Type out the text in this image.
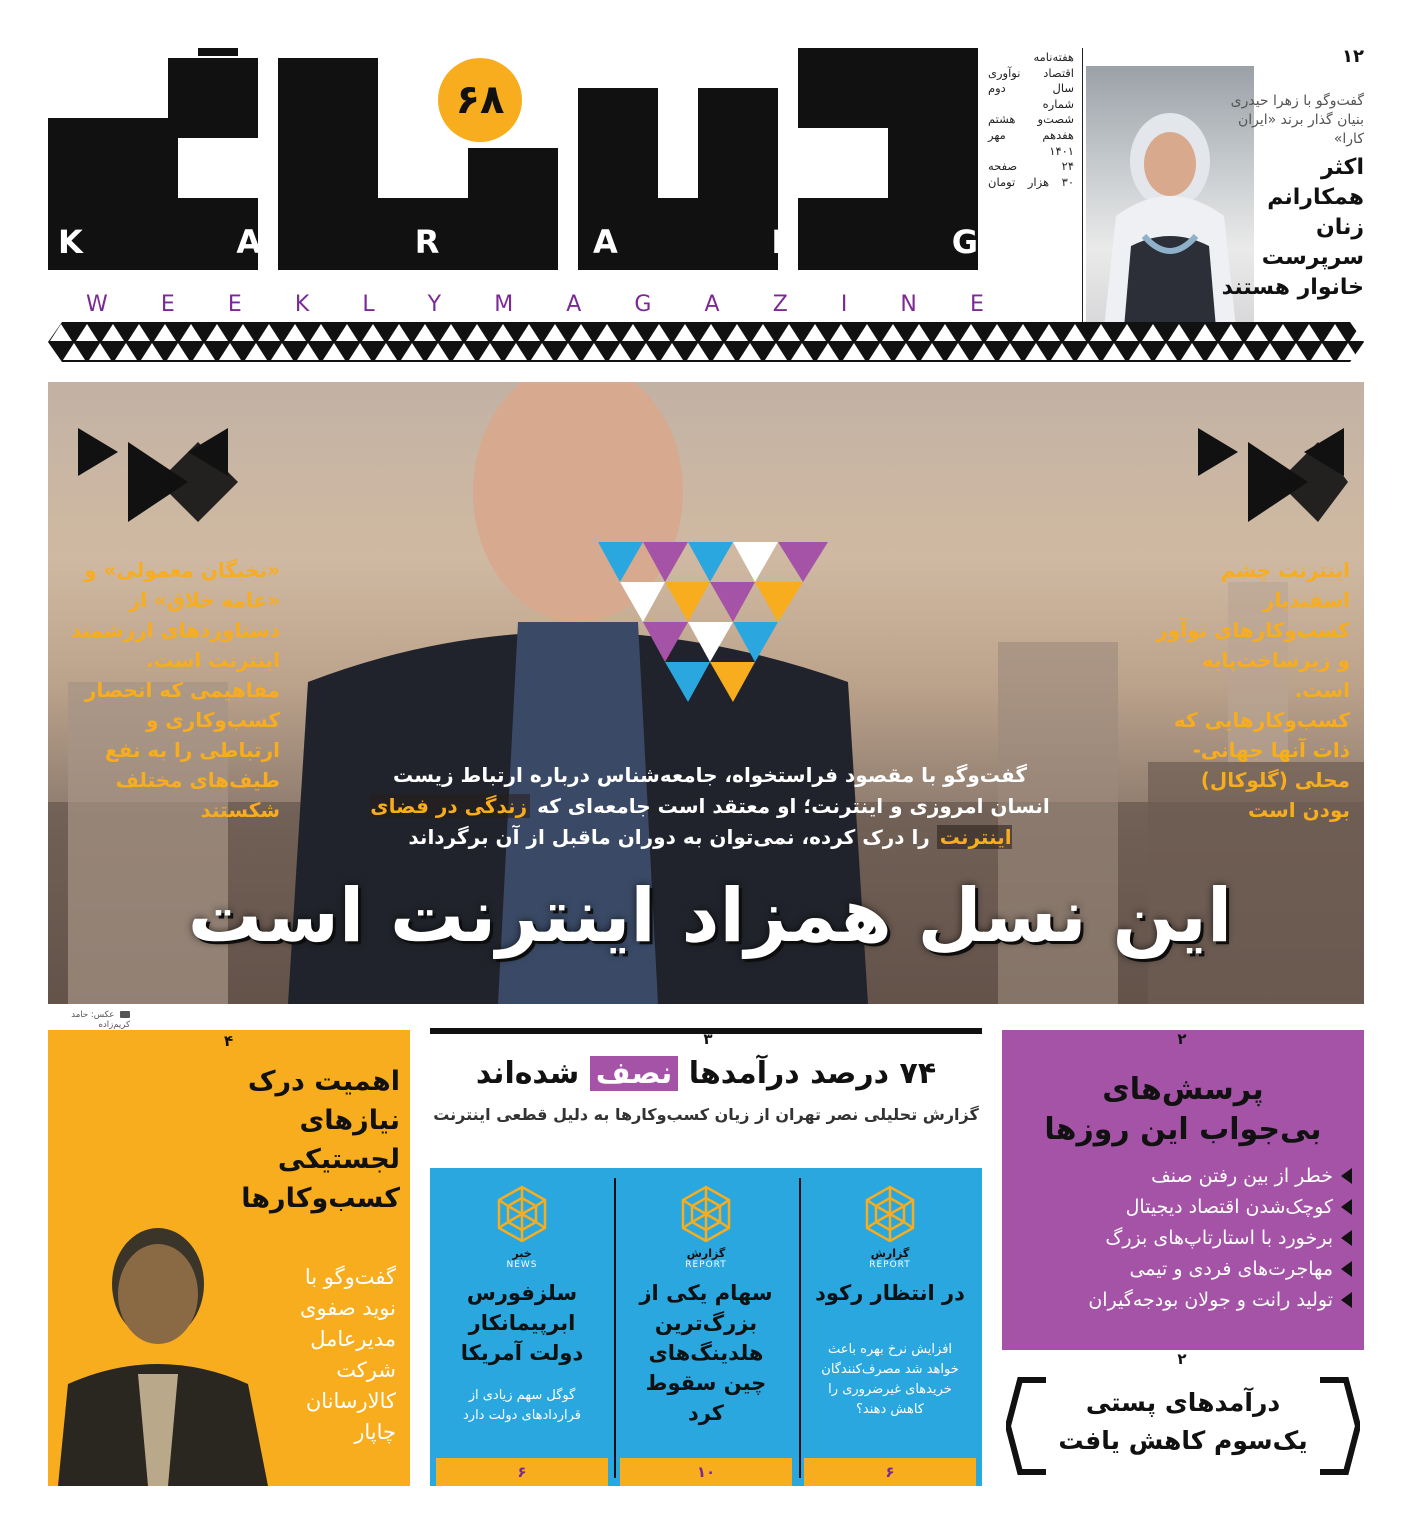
۶۸
K	A	R	A	N	G
W E E K L Y M A G A Z I N E
هفته‌نامه
اقتصاد نوآوری
سال دوم
شماره
شصت‌و هشتم
هفدهم مهر
۱۴۰۱
۲۴ صفحه
۳۰ هزار تومان
۱۲
گفت‌وگو با زهرا حیدری
بنیان گذار برند «ایران کارا»
اکثر همکارانم
زنان سرپرست
خانوار هستند
«نخبگان معمولی» و «عامه خلاق» از دستاوردهای ارزشمند اینترنت است. مفاهیمی که انحصار کسب‌وکاری و ارتباطی را به نفع طیف‌های مختلف شکستند
اینترنت چشم اسفندیار کسب‌وکارهای نوآور و زیرساخت‌پایه است. کسب‌وکارهایی که ذات آنها جهانی-محلی (گلوکال) بودن است
گفت‌وگو با مقصود فراستخواه، جامعه‌شناس درباره ارتباط زیست انسان امروزی و اینترنت؛ او معتقد است جامعه‌ای که زندگی در فضای اینترنت را درک کرده، نمی‌توان به دوران ماقبل از آن برگرداند
این نسل همزاد اینترنت است
عکس: حامد کریم‌زاده
۴
اهمیت درک
نیازهای
لجستیکی
کسب‌وکارها
گفت‌وگو با
نوید صفوی
مدیرعامل
شرکت
کالارسانان
چاپار
۳
۷۴ درصد درآمدها نصف شده‌اند
گزارش تحلیلی نصر تهران از زیان کسب‌وکارها به دلیل قطعی اینترنت
گزارش
REPORT
در انتظار رکود
افزایش نرخ بهره باعث خواهد شد مصرف‌کنندگان خریدهای غیرضروری را کاهش دهند؟
۶
گزارش
REPORT
سهام یکی از بزرگ‌ترین هلدینگ‌های چین سقوط کرد
۱۰
خبر
NEWS
سلزفورس ابرپیمانکار دولت آمریکا
گوگل سهم زیادی از قراردادهای دولت دارد
۶
۲
پرسش‌های
بی‌جواب این روزها
خطر از بین رفتن صنف
کوچک‌شدن اقتصاد دیجیتال
برخورد با استارتاپ‌های بزرگ
مهاجرت‌های فردی و تیمی
تولید رانت و جولان بودجه‌گیران
۲
درآمدهای پستی
یک‌سوم کاهش یافت
